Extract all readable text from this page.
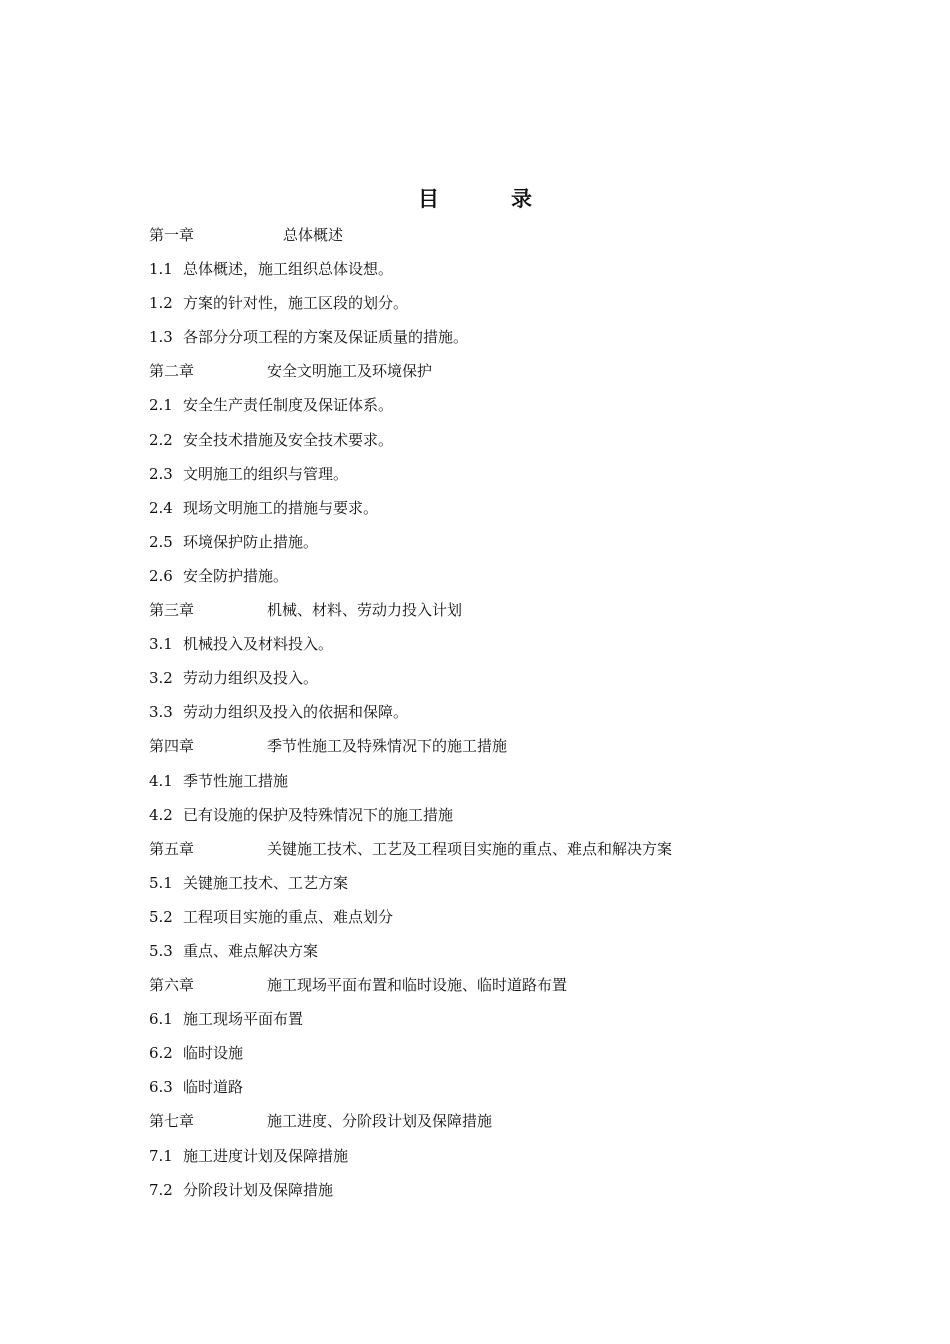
目	录
第一章	总体概述
1.1 总体概述，施工组织总体设想。
1.2 方案的针对性，施工区段的划分。
1.3 各部分分项工程的方案及保证质量的措施。
第二章	安全文明施工及环境保护
2.1 安全生产责任制度及保证体系。
2.2 安全技术措施及安全技术要求。
2.3 文明施工的组织与管理。
2.4 现场文明施工的措施与要求。
2.5 环境保护防止措施。
2.6 安全防护措施。
第三章	机械、材料、劳动力投入计划
3.1 机械投入及材料投入。
3.2 劳动力组织及投入。
3.3 劳动力组织及投入的依据和保障。
第四章	季节性施工及特殊情况下的施工措施
4.1 季节性施工措施
4.2 已有设施的保护及特殊情况下的施工措施
第五章	关键施工技术、工艺及工程项目实施的重点、难点和解决方案
5.1 关键施工技术、工艺方案
5.2 工程项目实施的重点、难点划分
5.3 重点、难点解决方案
第六章	施工现场平面布置和临时设施、临时道路布置
6.1 施工现场平面布置
6.2 临时设施
6.3 临时道路
第七章	施工进度、分阶段计划及保障措施
7.1 施工进度计划及保障措施
7.2 分阶段计划及保障措施
